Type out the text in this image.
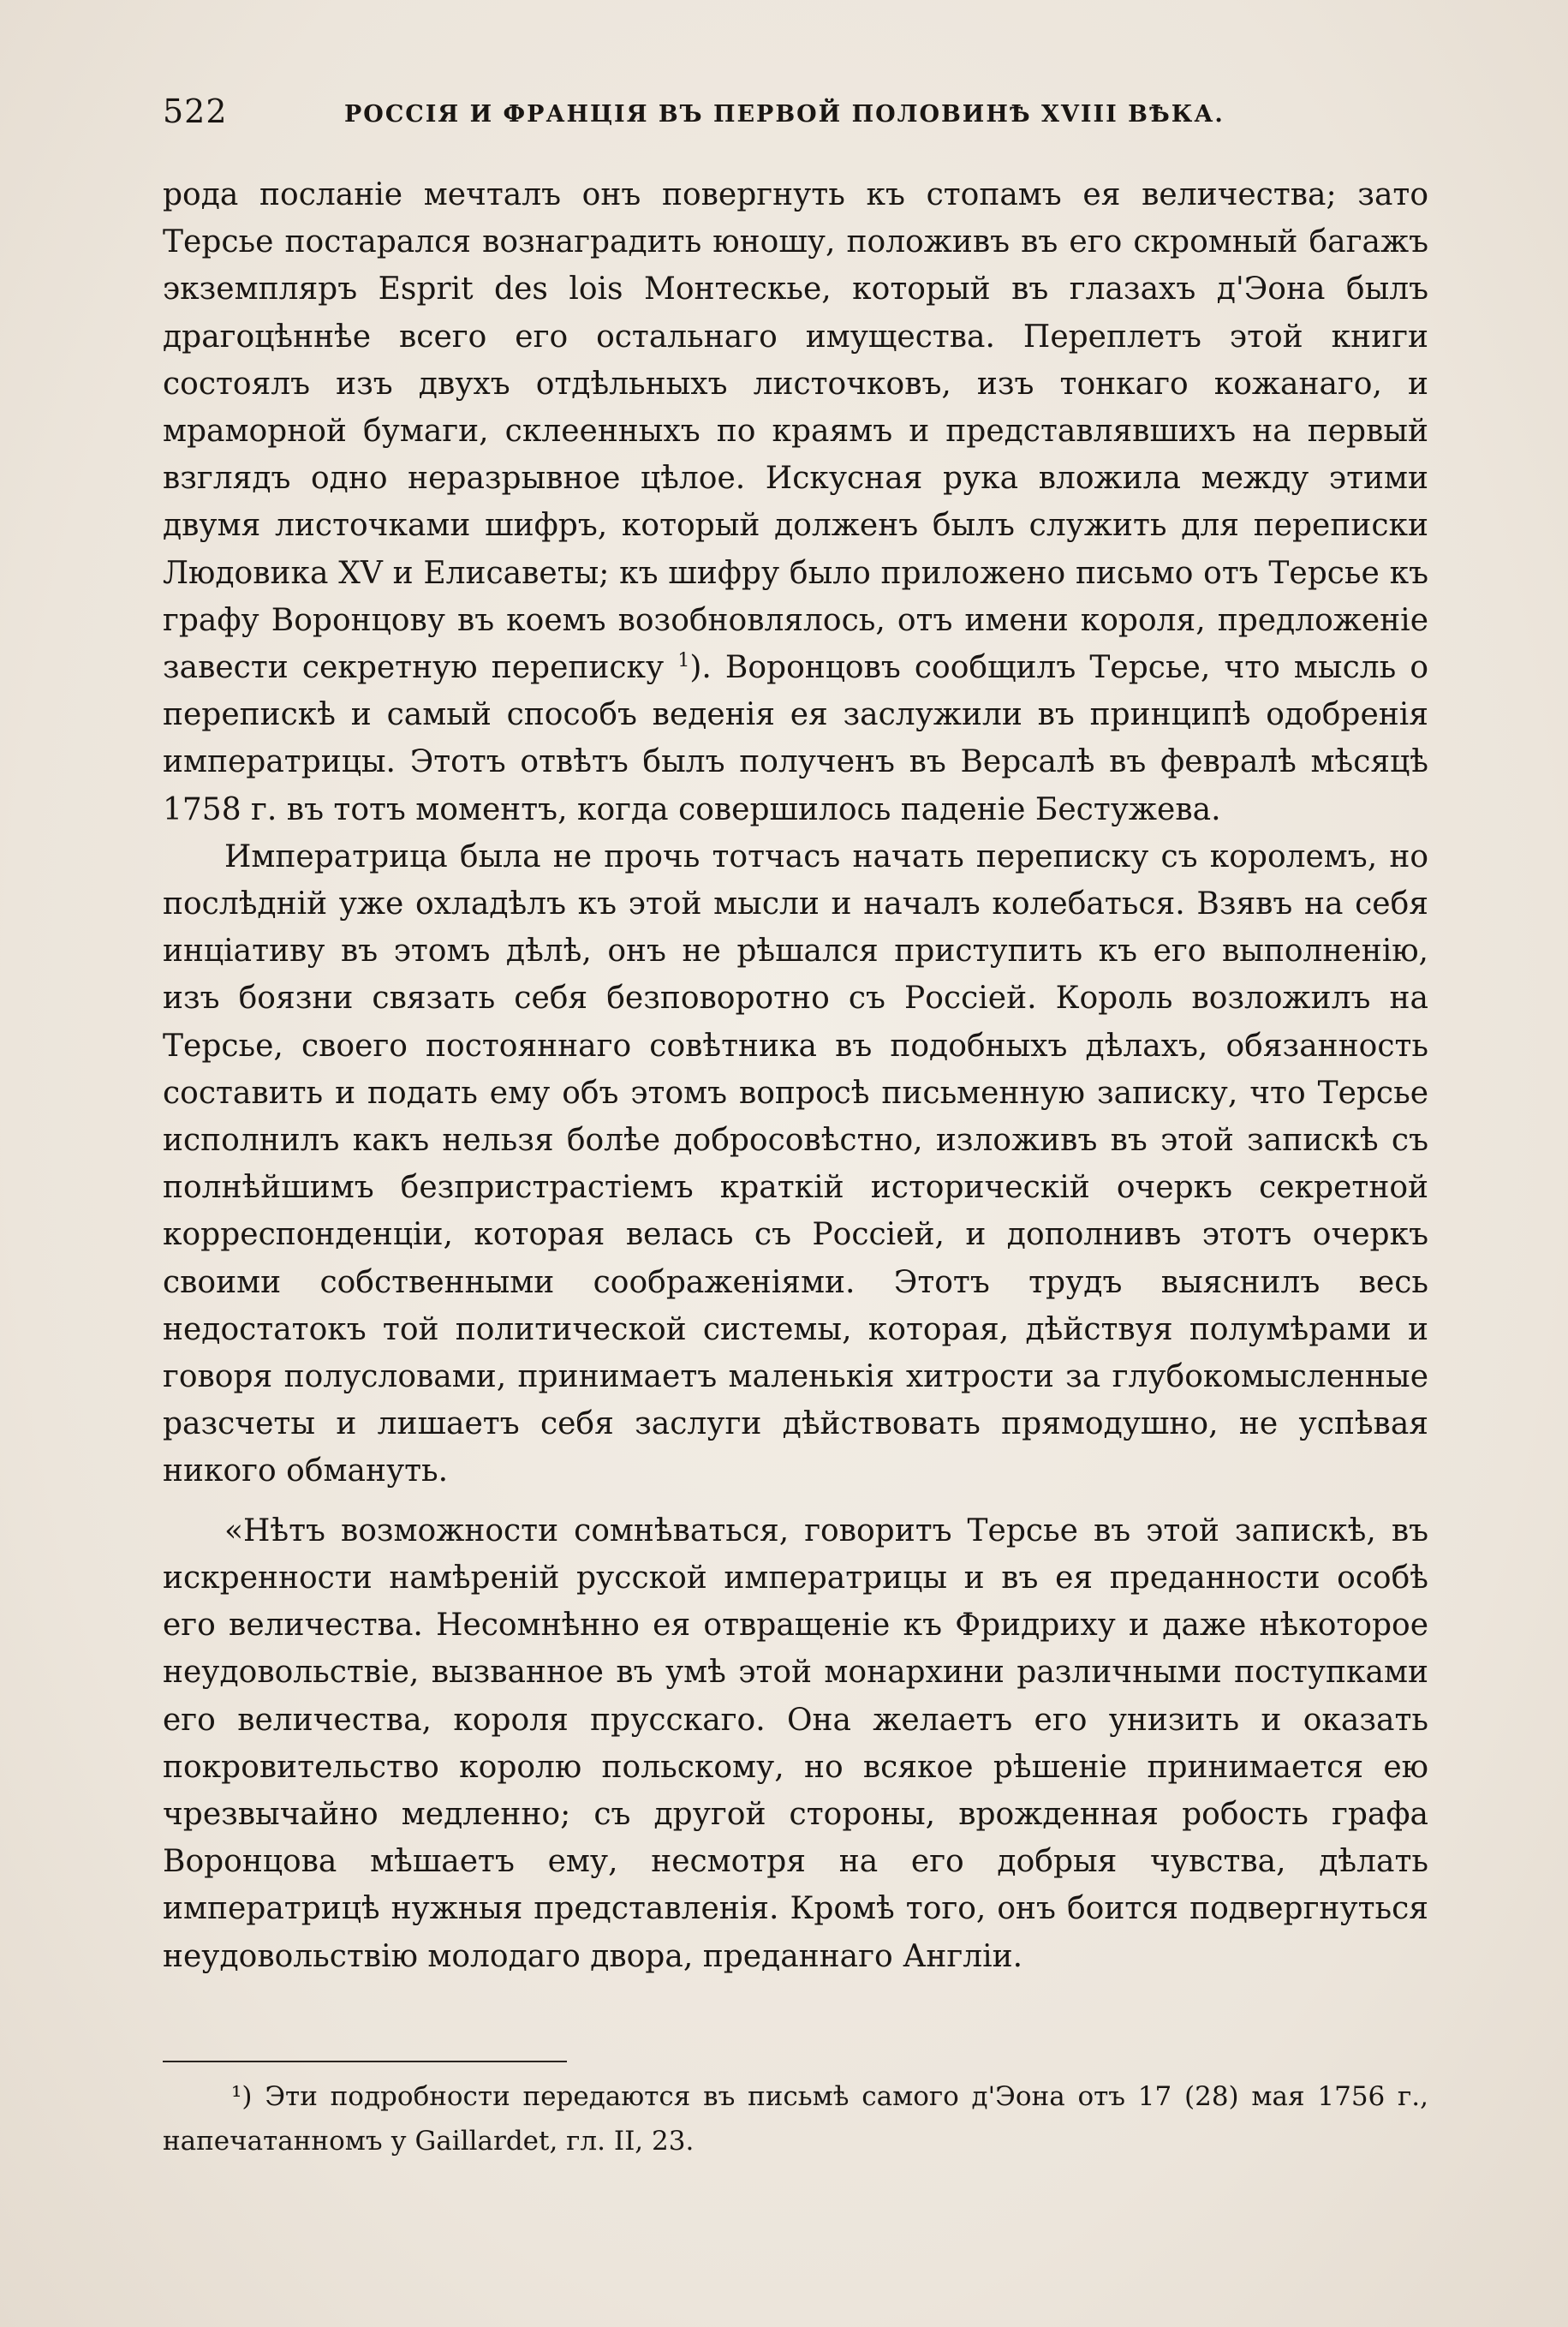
522	РОССІЯ И ФРАНЦІЯ ВЪ ПЕРВОЙ ПОЛОВИНѢ XVIII ВѢКА.

рода посланіе мечталъ онъ повергнуть къ стопамъ ея величества; зато Терсье постарался вознаградить юношу, положивъ въ его скромный багажъ экземпляръ Esprit des lois Монтескье, который въ глазахъ д'Эона былъ драгоцѣннѣе всего его остальнаго имущества. Переплетъ этой книги состоялъ изъ двухъ отдѣльныхъ листочковъ, изъ тонкаго кожанаго, и мраморной бумаги, склеенныхъ по краямъ и представлявшихъ на первый взглядъ одно неразрывное цѣлое. Искусная рука вложила между этими двумя листочками шифръ, который долженъ былъ служить для переписки Людовика XV и Елисаветы; къ шифру было приложено письмо отъ Терсье къ графу Воронцову въ коемъ возобновлялось, отъ имени короля, предложеніе завести секретную переписку $^1$). Воронцовъ сообщилъ Терсье, что мысль о перепискѣ и самый способъ веденія ея заслужили въ принципѣ одобренія императрицы. Этотъ отвѣтъ былъ полученъ въ Версалѣ въ февралѣ мѣсяцѣ 1758 г. въ тотъ моментъ, когда совершилось паденіе Бестужева.

Императрица была не прочь тотчасъ начать переписку съ королемъ, но послѣдній уже охладѣлъ къ этой мысли и началъ колебаться. Взявъ на себя инціативу въ этомъ дѣлѣ, онъ не рѣшался приступить къ его выполненію, изъ боязни связать себя безповоротно съ Россіей. Король возложилъ на Терсье, своего постояннаго совѣтника въ подобныхъ дѣлахъ, обязанность составить и подать ему объ этомъ вопросѣ письменную записку, что Терсье исполнилъ какъ нельзя болѣе добросовѣстно, изложивъ въ этой запискѣ съ полнѣйшимъ безпристрастіемъ краткій историческій очеркъ секретной корреспонденціи, которая велась съ Россіей, и дополнивъ этотъ очеркъ своими собственными соображеніями. Этотъ трудъ выяснилъ весь недостатокъ той политической системы, которая, дѣйствуя полумѣрами и говоря полусловами, принимаетъ маленькія хитрости за глубокомысленные разсчеты и лишаетъ себя заслуги дѣйствовать прямодушно, не успѣвая никого обмануть.

«Нѣтъ возможности сомнѣваться, говоритъ Терсье въ этой запискѣ, въ искренности намѣреній русской императрицы и въ ея преданности особѣ его величества. Несомнѣнно ея отвращеніе къ Фридриху и даже нѣкоторое неудовольствіе, вызванное въ умѣ этой монархини различными поступками его величества, короля прусскаго. Она желаетъ его унизить и оказать покровительство королю польскому, но всякое рѣшеніе принимается ею чрезвычайно медленно; съ другой стороны, врожденная робость графа Воронцова мѣшаетъ ему, несмотря на его добрыя чувства, дѣлать императрицѣ нужныя представленія. Кромѣ того, онъ боится подвергнуться неудовольствію молодаго двора, преданнаго Англіи.

¹) Эти подробности передаются въ письмѣ самого д'Эона отъ 17 (28) мая 1756 г., напечатанномъ у Gaillardet, гл. II, 23.
